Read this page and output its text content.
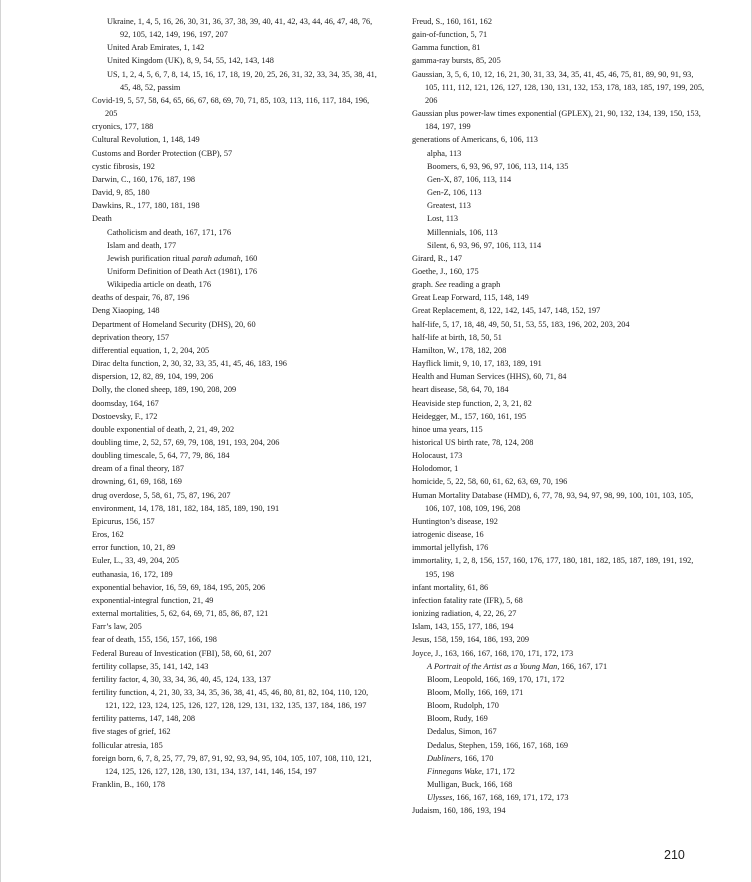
Ukraine, 1, 4, 5, 16, 26, 30, 31, 36, 37, 38, 39, 40, 41, 42, 43, 44, 46, 47, 48, 76, 92, 105, 142, 149, 196, 197, 207
United Arab Emirates, 1, 142
United Kingdom (UK), 8, 9, 54, 55, 142, 143, 148
US, 1, 2, 4, 5, 6, 7, 8, 14, 15, 16, 17, 18, 19, 20, 25, 26, 31, 32, 33, 34, 35, 38, 41, 45, 48, 52, passim
Covid-19, 5, 57, 58, 64, 65, 66, 67, 68, 69, 70, 71, 85, 103, 113, 116, 117, 184, 196, 205
cryonics, 177, 188
Cultural Revolution, 1, 148, 149
Customs and Border Protection (CBP), 57
cystic fibrosis, 192
Darwin, C., 160, 176, 187, 198
David, 9, 85, 180
Dawkins, R., 177, 180, 181, 198
Death
Catholicism and death, 167, 171, 176
Islam and death, 177
Jewish purification ritual parah adumah, 160
Uniform Definition of Death Act (1981), 176
Wikipedia article on death, 176
deaths of despair, 76, 87, 196
Deng Xiaoping, 148
Department of Homeland Security (DHS), 20, 60
deprivation theory, 157
differential equation, 1, 2, 204, 205
Dirac delta function, 2, 30, 32, 33, 35, 41, 45, 46, 183, 196
dispersion, 12, 82, 89, 104, 199, 206
Dolly, the cloned sheep, 189, 190, 208, 209
doomsday, 164, 167
Dostoevsky, F., 172
double exponential of death, 2, 21, 49, 202
doubling time, 2, 52, 57, 69, 79, 108, 191, 193, 204, 206
doubling timescale, 5, 64, 77, 79, 86, 184
dream of a final theory, 187
drowning, 61, 69, 168, 169
drug overdose, 5, 58, 61, 75, 87, 196, 207
environment, 14, 178, 181, 182, 184, 185, 189, 190, 191
Epicurus, 156, 157
Eros, 162
error function, 10, 21, 89
Euler, L., 33, 49, 204, 205
euthanasia, 16, 172, 189
exponential behavior, 16, 59, 69, 184, 195, 205, 206
exponential-integral function, 21, 49
external mortalities, 5, 62, 64, 69, 71, 85, 86, 87, 121
Farr’s law, 205
fear of death, 155, 156, 157, 166, 198
Federal Bureau of Investication (FBI), 58, 60, 61, 207
fertility collapse, 35, 141, 142, 143
fertility factor, 4, 30, 33, 34, 36, 40, 45, 124, 133, 137
fertility function, 4, 21, 30, 33, 34, 35, 36, 38, 41, 45, 46, 80, 81, 82, 104, 110, 120, 121, 122, 123, 124, 125, 126, 127, 128, 129, 131, 132, 135, 137, 184, 186, 197
fertility patterns, 147, 148, 208
five stages of grief, 162
follicular atresia, 185
foreign born, 6, 7, 8, 25, 77, 79, 87, 91, 92, 93, 94, 95, 104, 105, 107, 108, 110, 121, 124, 125, 126, 127, 128, 130, 131, 134, 137, 141, 146, 154, 197
Franklin, B., 160, 178
Freud, S., 160, 161, 162
gain-of-function, 5, 71
Gamma function, 81
gamma-ray bursts, 85, 205
Gaussian, 3, 5, 6, 10, 12, 16, 21, 30, 31, 33, 34, 35, 41, 45, 46, 75, 81, 89, 90, 91, 93, 105, 111, 112, 121, 126, 127, 128, 130, 131, 132, 153, 178, 183, 185, 197, 199, 205, 206
Gaussian plus power-law times exponential (GPLEX), 21, 90, 132, 134, 139, 150, 153, 184, 197, 199
generations of Americans, 6, 106, 113
alpha, 113
Boomers, 6, 93, 96, 97, 106, 113, 114, 135
Gen-X, 87, 106, 113, 114
Gen-Z, 106, 113
Greatest, 113
Lost, 113
Millennials, 106, 113
Silent, 6, 93, 96, 97, 106, 113, 114
Girard, R., 147
Goethe, J., 160, 175
graph. See reading a graph
Great Leap Forward, 115, 148, 149
Great Replacement, 8, 122, 142, 145, 147, 148, 152, 197
half-life, 5, 17, 18, 48, 49, 50, 51, 53, 55, 183, 196, 202, 203, 204
half-life at birth, 18, 50, 51
Hamilton, W., 178, 182, 208
Hayflick limit, 9, 10, 17, 183, 189, 191
Health and Human Services (HHS), 60, 71, 84
heart disease, 58, 64, 70, 184
Heaviside step function, 2, 3, 21, 82
Heidegger, M., 157, 160, 161, 195
hinoe uma years, 115
historical US birth rate, 78, 124, 208
Holocaust, 173
Holodomor, 1
homicide, 5, 22, 58, 60, 61, 62, 63, 69, 70, 196
Human Mortality Database (HMD), 6, 77, 78, 93, 94, 97, 98, 99, 100, 101, 103, 105, 106, 107, 108, 109, 196, 208
Huntington’s disease, 192
iatrogenic disease, 16
immortal jellyfish, 176
immortality, 1, 2, 8, 156, 157, 160, 176, 177, 180, 181, 182, 185, 187, 189, 191, 192, 195, 198
infant mortality, 61, 86
infection fatality rate (IFR), 5, 68
ionizing radiation, 4, 22, 26, 27
Islam, 143, 155, 177, 186, 194
Jesus, 158, 159, 164, 186, 193, 209
Joyce, J., 163, 166, 167, 168, 170, 171, 172, 173
A Portrait of the Artist as a Young Man, 166, 167, 171
Bloom, Leopold, 166, 169, 170, 171, 172
Bloom, Molly, 166, 169, 171
Bloom, Rudolph, 170
Bloom, Rudy, 169
Dedalus, Simon, 167
Dedalus, Stephen, 159, 166, 167, 168, 169
Dubliners, 166, 170
Finnegans Wake, 171, 172
Mulligan, Buck, 166, 168
Ulysses, 166, 167, 168, 169, 171, 172, 173
Judaism, 160, 186, 193, 194
210
